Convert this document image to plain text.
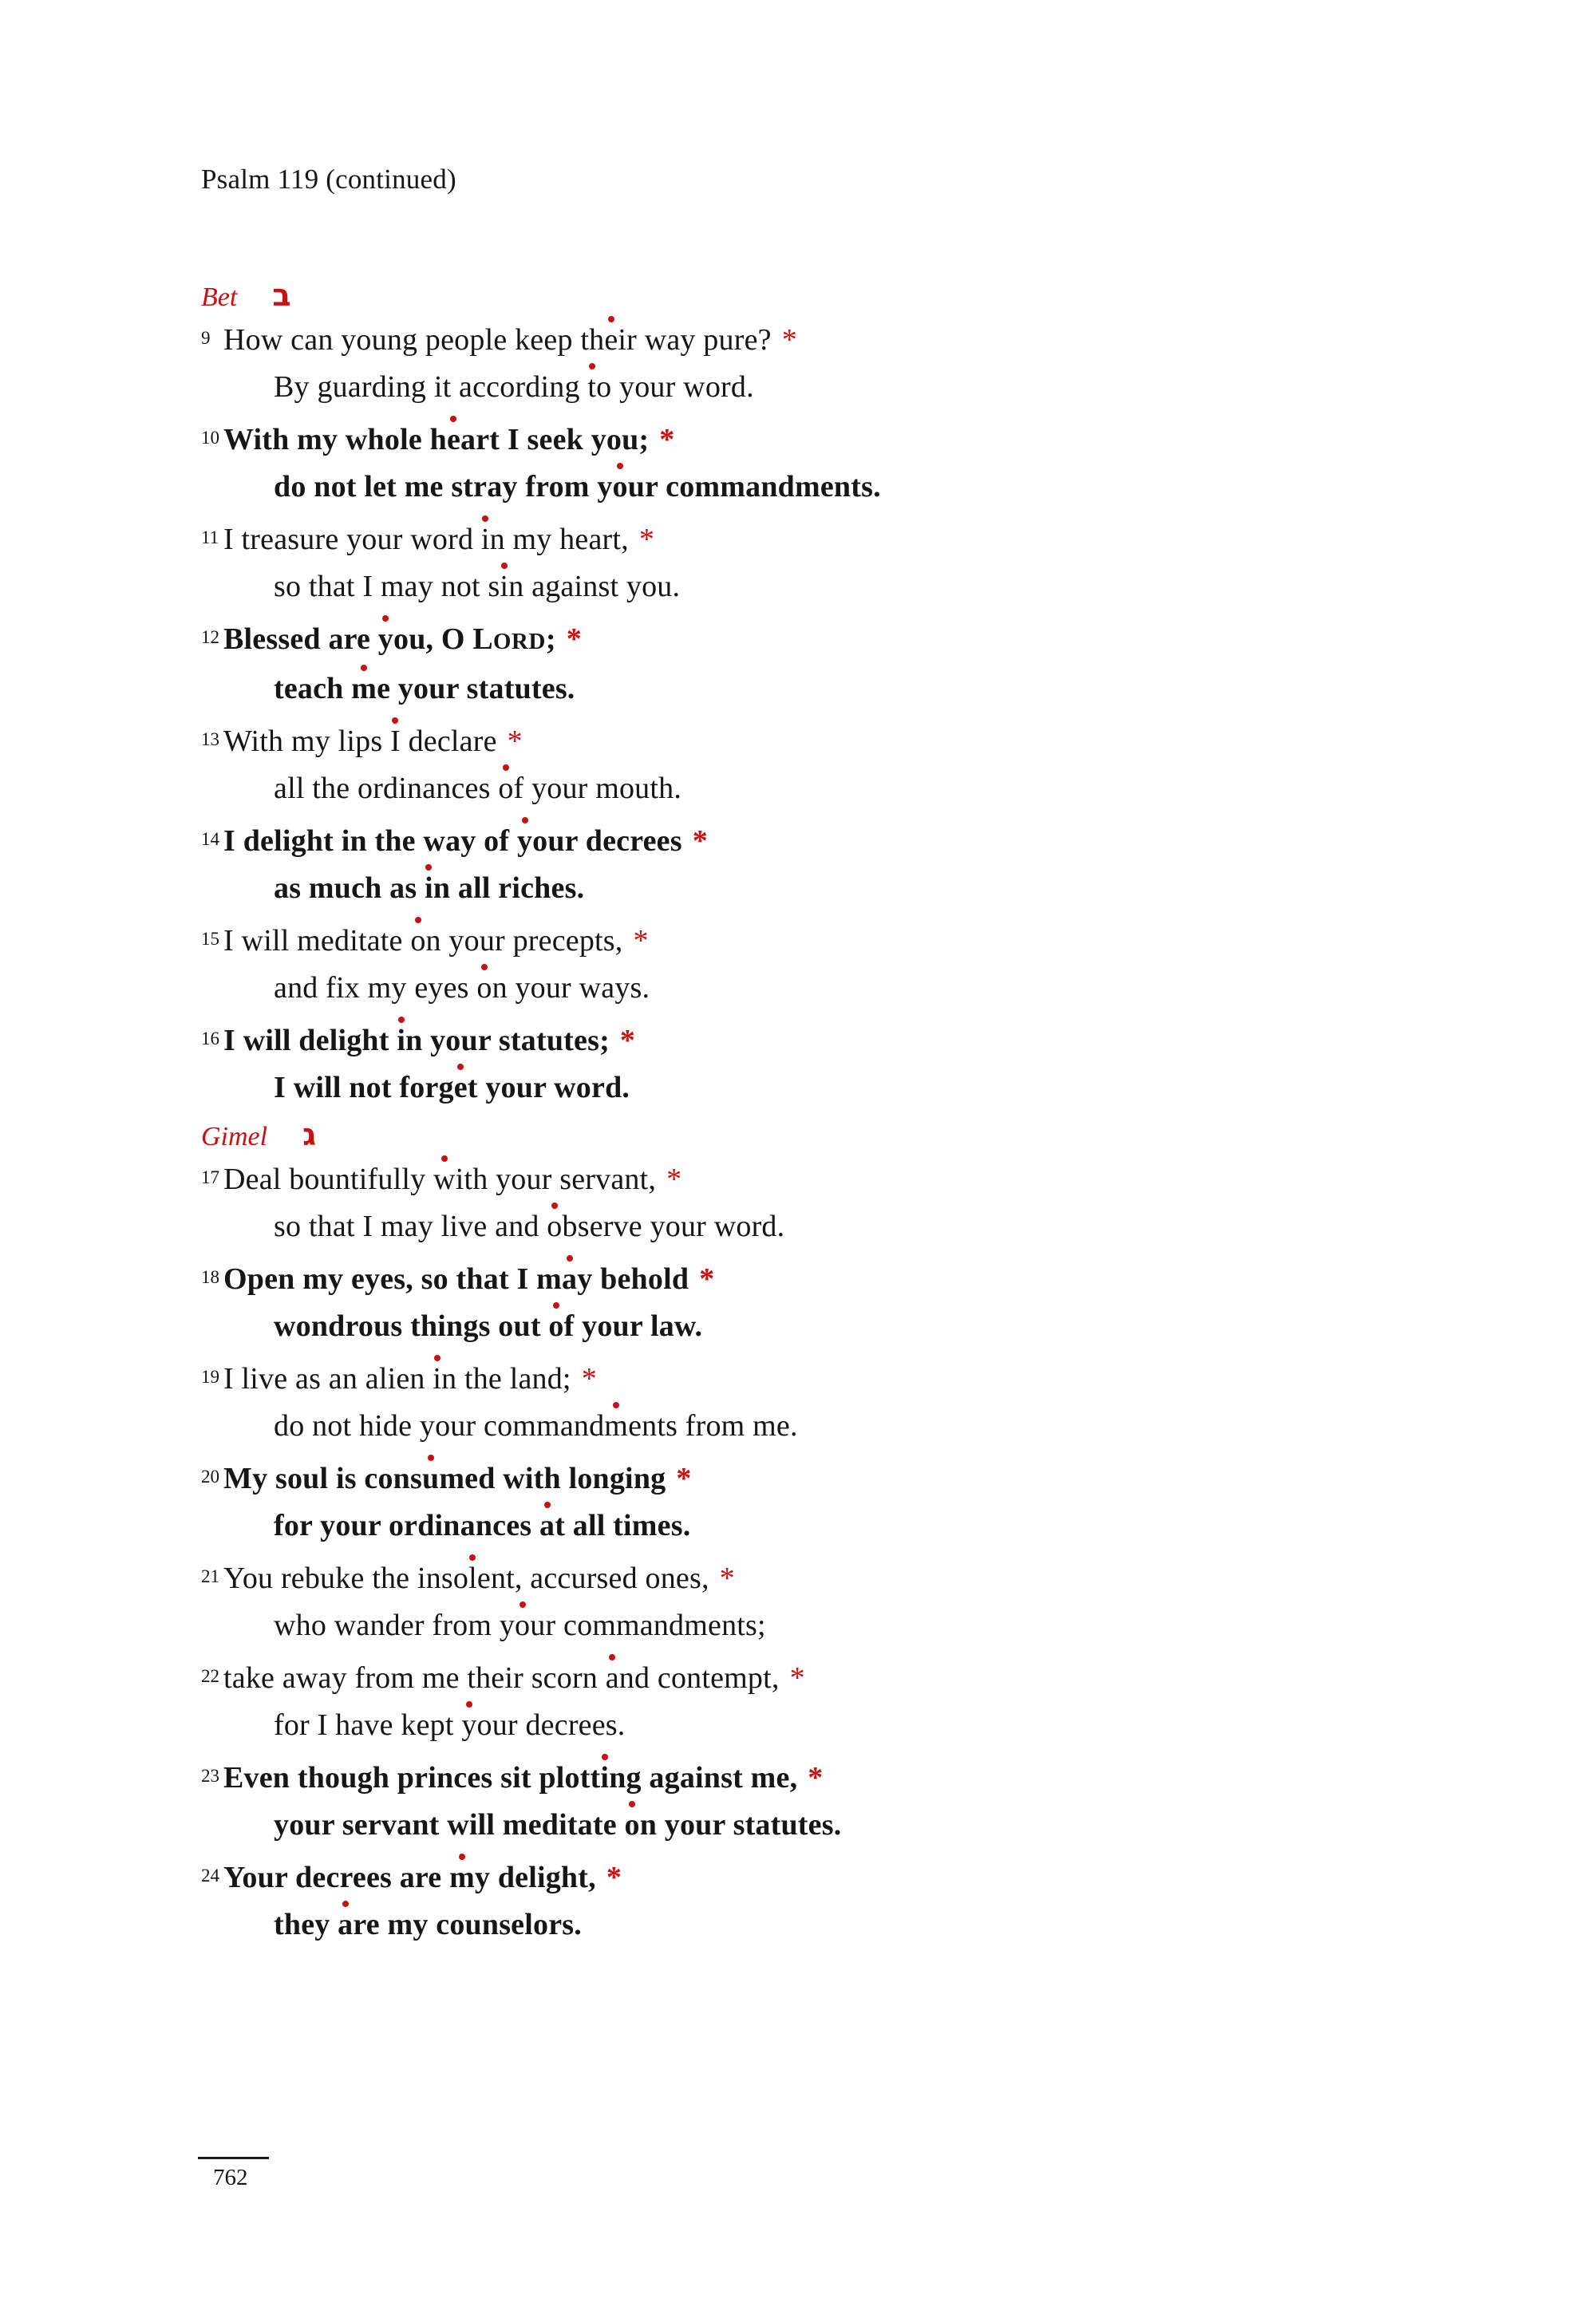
Psalm 119 (continued)
Bet ב
9 How can young people keep their way pure? *
By guarding it according to your word.
10 With my whole heart I seek you; *
do not let me stray from your commandments.
11 I treasure your word in my heart, *
so that I may not sin against you.
12 Blessed are you, O LORD; *
teach me your statutes.
13 With my lips I declare *
all the ordinances of your mouth.
14 I delight in the way of your decrees *
as much as in all riches.
15 I will meditate on your precepts, *
and fix my eyes on your ways.
16 I will delight in your statutes; *
I will not forget your word.
Gimel ג
17 Deal bountifully with your servant, *
so that I may live and observe your word.
18 Open my eyes, so that I may behold *
wondrous things out of your law.
19 I live as an alien in the land; *
do not hide your commandments from me.
20 My soul is consumed with longing *
for your ordinances at all times.
21 You rebuke the insolent, accursed ones, *
who wander from your commandments;
22 take away from me their scorn and contempt, *
for I have kept your decrees.
23 Even though princes sit plotting against me, *
your servant will meditate on your statutes.
24 Your decrees are my delight, *
they are my counselors.
762
